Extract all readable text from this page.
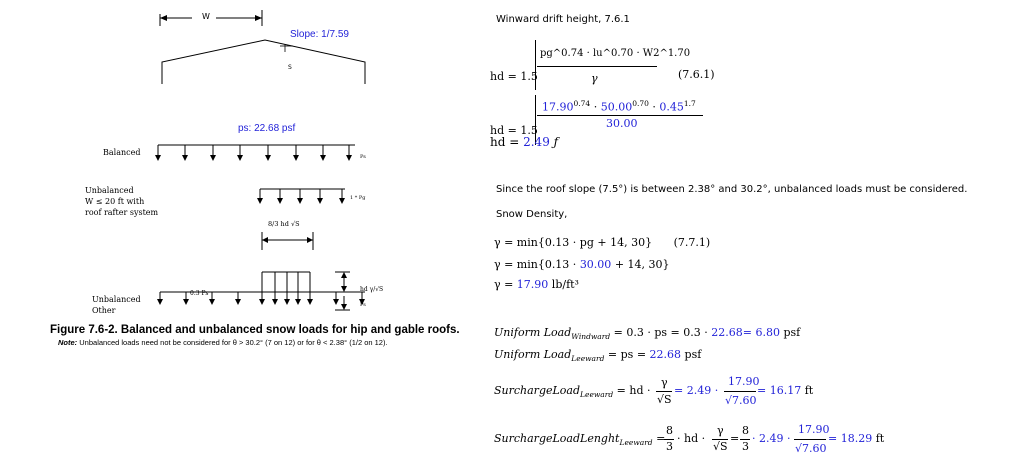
W
Slope: 1/7.59
S
ps: 22.68 psf
Balanced	Ps
Unbalanced
W ≤ 20 ft with
roof rafter system
1 * Pg
8/3 hd √S
Unbalanced
Other
0.3 Ps
hd γ/√S
Ps
Figure 7.6-2. Balanced and unbalanced snow loads for hip and gable roofs.
Note: Unbalanced loads need not be considered for θ > 30.2° (7 on 12) or for θ < 2.38° (1/2 on 12).
Winward drift height, 7.6.1
hd = 1.5
pg^0.74 · lu^0.70 · W2^1.70
γ	(7.6.1)
hd = 1.5
$17.90^{0.74} \cdot 50.00^{0.70} \cdot 0.45^{1.7}$
30.00
hd = 2.49 ƒ
Since the roof slope (7.5°) is between 2.38° and 30.2°, unbalanced loads must be considered.
Snow Density,
γ = min{0.13 · pg + 14, 30} (7.7.1)
γ = min{0.13 · 30.00 + 14, 30}
γ = 17.90 lb/ft³
Uniform Load$_{Windward}$ = 0.3 · ps = 0.3 · 22.68= 6.80 psf
Uniform Load$_{Leeward}$ = ps = 22.68 psf
SurchargeLoad$_{Leeward}$ = hd ·
γ
√S
= 2.49 ·
17.90
√7.60
= 16.17 ft
SurchargeLoadLenght$_{Leeward}$ =
8
3
· hd ·
γ
√S
=
8
3
· 2.49 ·
17.90
√7.60
= 18.29 ft
